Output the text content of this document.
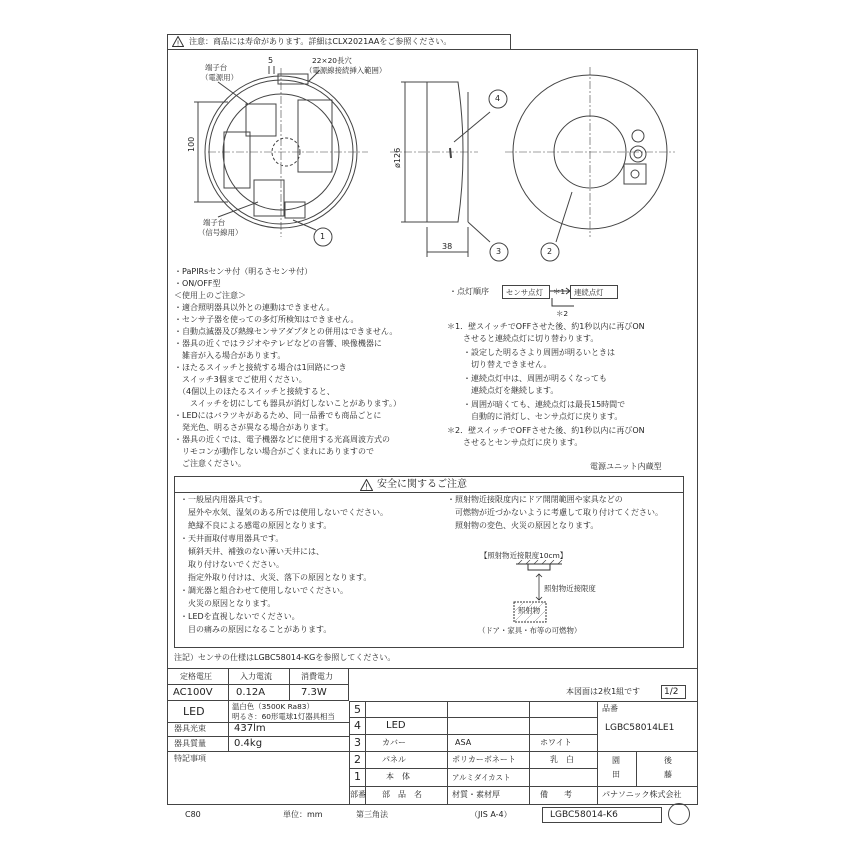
! 注意：商品には寿命があります。詳細はCLX2021AAをご参照ください。
端子台
（電源用）
端子台
（信号線用）
5	22×20長穴
（電源線接続挿入範囲）
100
ø126
38
1
2
3
4
・PaPIRsセンサ付（明るさセンサ付）
・ON/OFF型
＜使用上のご注意＞
・適合照明器具以外との連動はできません。
・センサ子器を使っての多灯所検知はできません。
・自動点滅器及び熱線センサアダプタとの併用はできません。
・器具の近くではラジオやテレビなどの音響、映像機器に
　雑音が入る場合があります。
・ほたるスイッチと接続する場合は1回路につき
　スイッチ3個までご使用ください。
　（4個以上のほたるスイッチと接続すると、
　　スイッチを切にしても器具が消灯しないことがあります。）
・LEDにはバラツキがあるため、同一品番でも商品ごとに
　発光色、明るさが異なる場合があります。
・器具の近くでは、電子機器などに使用する光高周波方式の
　リモコンが動作しない場合がごくまれにありますので
　ご注意ください。
・点灯順序 センサ点灯	連続点灯
＊1
＊2
＊1．壁スイッチでOFFさせた後、約1秒以内に再びON
　　させると連続点灯に切り替わります。
　・設定した明るさより周囲が明るいときは
　　切り替えできません。
　・連続点灯中は、周囲が明るくなっても
　　連続点灯を継続します。
　・周囲が暗くても、連続点灯は最長15時間で
　　自動的に消灯し、センサ点灯に戻ります。
＊2．壁スイッチでOFFさせた後、約1秒以内に再びON
　　させるとセンサ点灯に戻ります。
電源ユニット内蔵型
! 安全に関するご注意
・一般屋内用器具です。
　屋外や水気、湿気のある所では使用しないでください。
　絶縁不良による感電の原因となります。
・天井面取付専用器具です。
　傾斜天井、補強のない薄い天井には、
　取り付けないでください。
　指定外取り付けは、火災、落下の原因となります。
・調光器と組合わせて使用しないでください。
　火災の原因となります。
・LEDを直視しないでください。
　目の痛みの原因になることがあります。
・照射物近接限度内にドア開閉範囲や家具などの
　可燃物が近づかないように考慮して取り付けてください。
　照射物の変色、火災の原因となります。
【照射物近接限度10cm】
照射物近接限度
照射物
（ドア・家具・布等の可燃物）
注記）センサの仕様はLGBC58014-KGを参照してください。
定格電圧	入力電流	消費電力
AC100V 0.12A	7.3W
LED	温白色（3500K Ra83）
明るさ：60形電球1灯器具相当
器具光束	437lm
器具質量	0.4kg
特記事項
5
4	LED
3	カバー	ASA	ホワイト
2	パネル	ポリカーボネート	乳　白
1	本　体	アルミダイカスト
部番 部　品　名	材質・素材厚	備　　考
本図面は2枚1組です	1/2
品番
LGBC58014LE1
園	後
田	藤
パナソニック株式会社
C80	単位：mm	第三角法	（JIS A-4）	LGBC58014-K6
